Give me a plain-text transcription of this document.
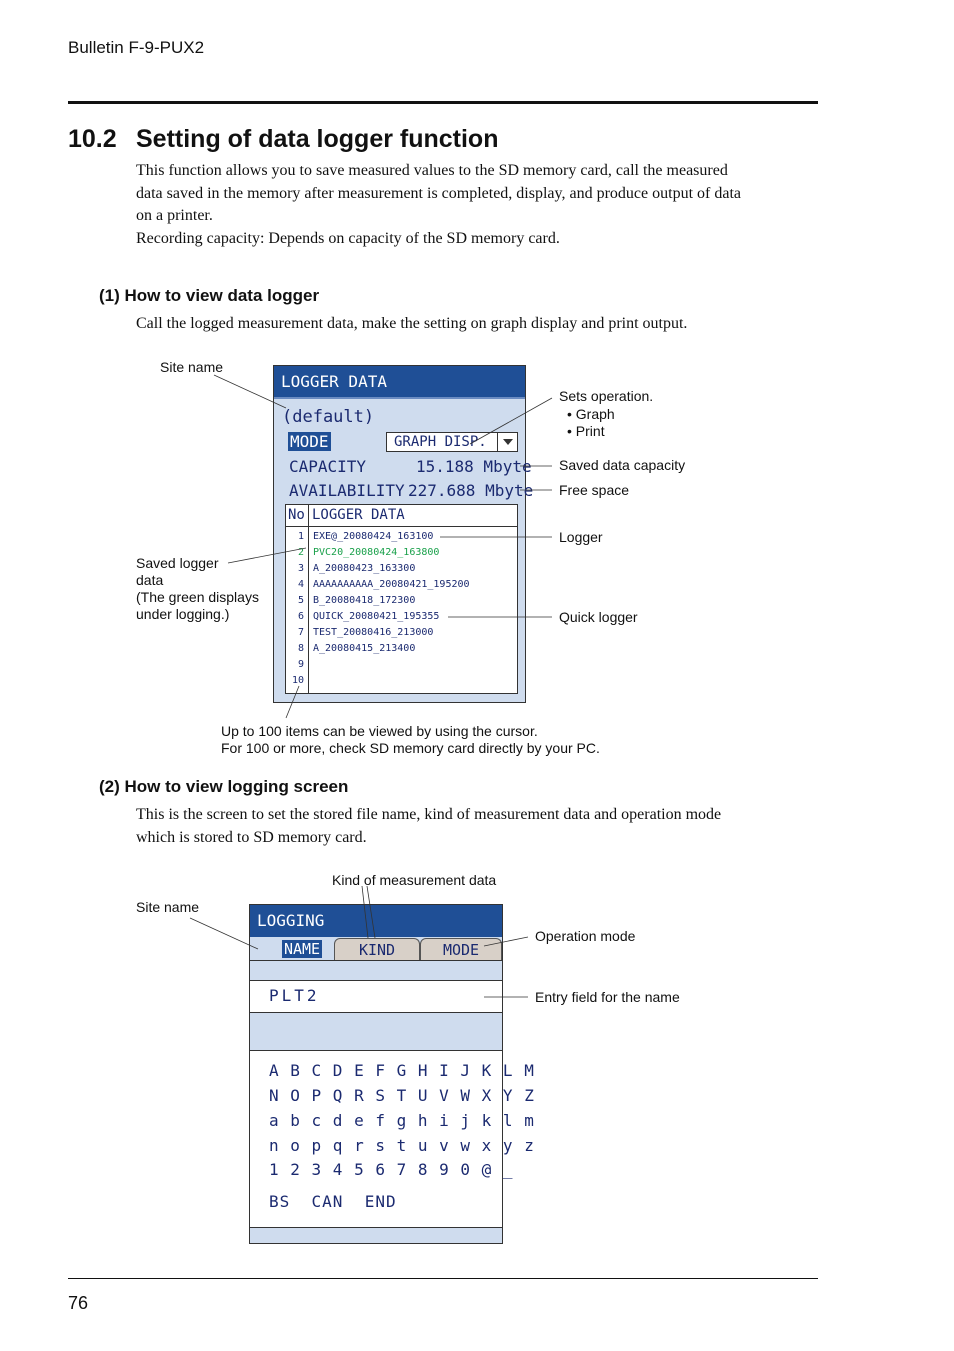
Bulletin F-9-PUX2
10.2 Setting of data logger function
This function allows you to save measured values to the SD memory card, call the measured
data saved in the memory after measurement is completed, display, and produce output of data
on a printer.
Recording capacity: Depends on capacity of the SD memory card.
(1) How to view data logger
Call the logged measurement data, make the setting on graph display and print output.
LOGGER DATA
(default)
MODE	GRAPH DISP.
CAPACITY	15.188 Mbyte
AVAILABILITY 227.688 Mbyte
No LOGGER DATA
1 EXE@_20080424_163100
2 PVC20_20080424_163800
3 A_20080423_163300
4 AAAAAAAAAA_20080421_195200
5 B_20080418_172300
6 QUICK_20080421_195355
7 TEST_20080416_213000
8 A_20080415_213400
9
10
Site name
Sets operation.
• Graph
• Print
Saved data capacity
Free space
Logger
Quick logger
Saved logger
data
(The green displays
under logging.)
Up to 100 items can be viewed by using the cursor.
For 100 or more, check SD memory card directly by your PC.
(2) How to view logging screen
This is the screen to set the stored file name, kind of measurement data and operation mode
which is stored to SD memory card.
LOGGING
NAME	KIND	MODE
PLT2
A B C D E F G H I J K L M
N O P Q R S T U V W X Y Z
a b c d e f g h i j k l m
n o p q r s t u v w x y z
1 2 3 4 5 6 7 8 9 0 @ _
BS  CAN  END
Site name
Kind of measurement data
Operation mode
Entry field for the name
76
